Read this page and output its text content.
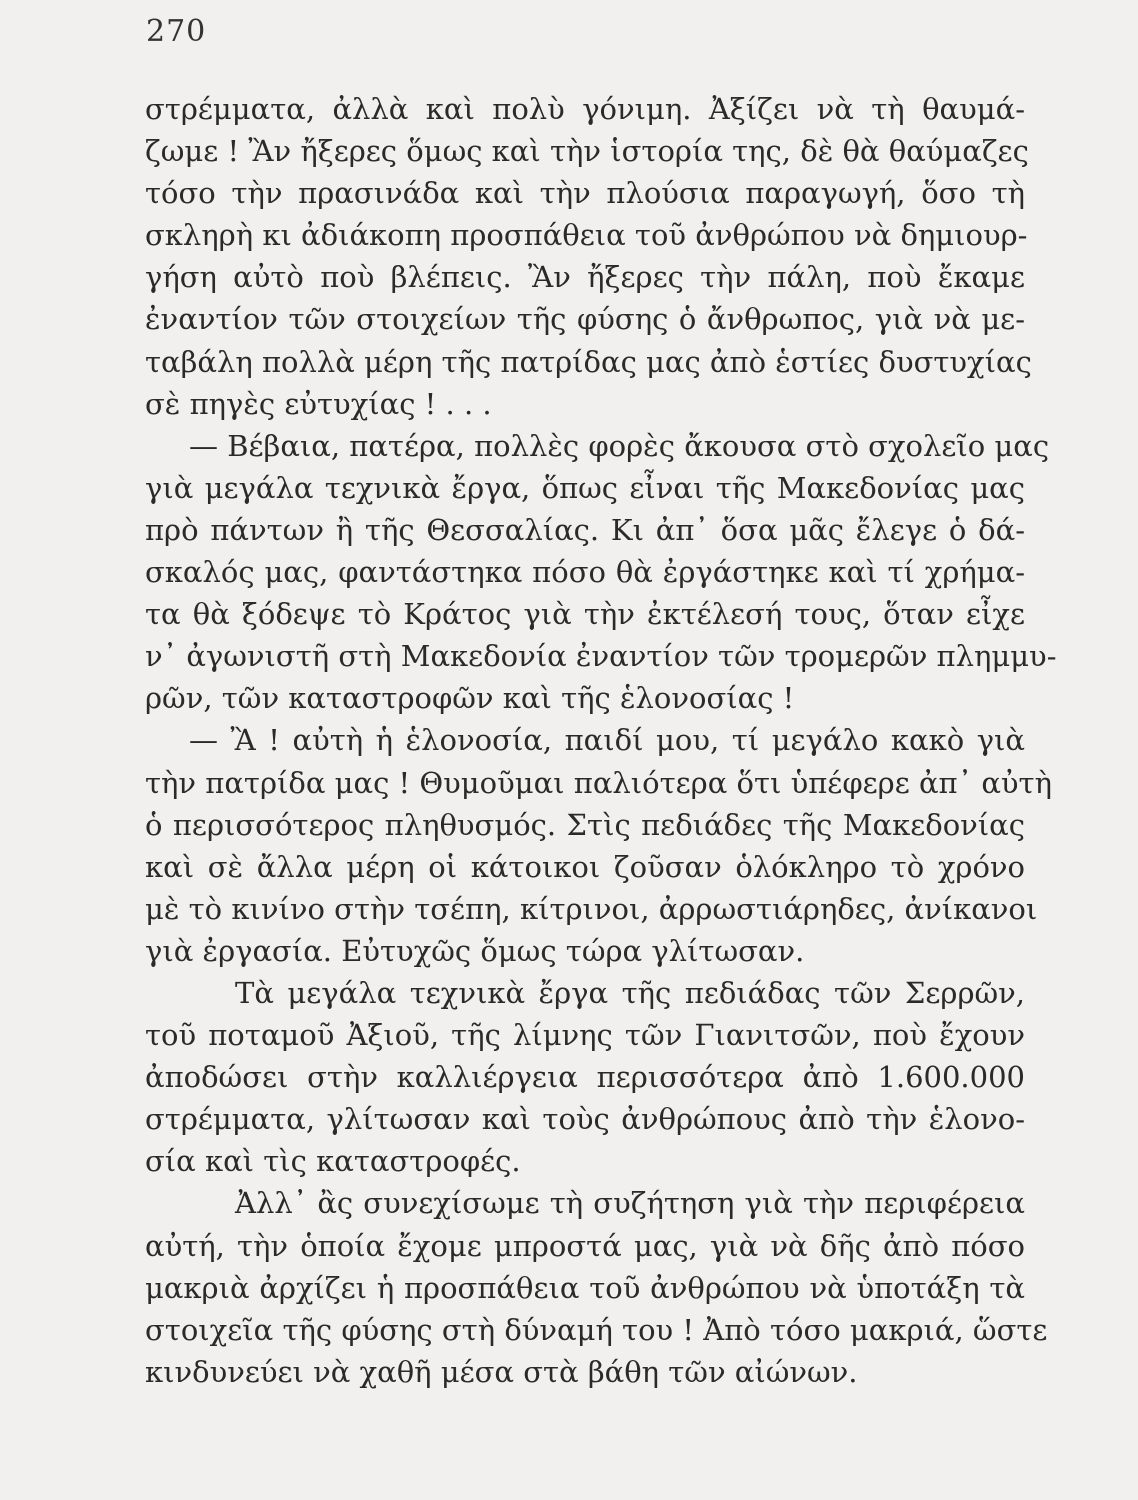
270
στρέμματα, ἀλλὰ καὶ πολὺ γόνιμη. Ἀξίζει νὰ τὴ θαυμά-
ζωμε ! Ἂν ἤξερες ὅμως καὶ τὴν ἱστορία της, δὲ θὰ θαύμαζες
τόσο τὴν πρασινάδα καὶ τὴν πλούσια παραγωγή, ὅσο τὴ
σκληρὴ κι ἀδιάκοπη προσπάθεια τοῦ ἀνθρώπου νὰ δημιουρ-
γήση αὐτὸ ποὺ βλέπεις. Ἂν ἤξερες τὴν πάλη, ποὺ ἔκαμε
ἐναντίον τῶν στοιχείων τῆς φύσης ὁ ἄνθρωπος, γιὰ νὰ με-
ταβάλη πολλὰ μέρη τῆς πατρίδας μας ἀπὸ ἑστίες δυστυχίας
σὲ πηγὲς εὐτυχίας ! . . .
— Βέβαια, πατέρα, πολλὲς φορὲς ἄκουσα στὸ σχολεῖο μας
γιὰ μεγάλα τεχνικὰ ἔργα, ὅπως εἶναι τῆς Μακεδονίας μας
πρὸ πάντων ἢ τῆς Θεσσαλίας. Κι ἀπ᾿ ὅσα μᾶς ἔλεγε ὁ δά-
σκαλός μας, φαντάστηκα πόσο θὰ ἐργάστηκε καὶ τί χρήμα-
τα θὰ ξόδεψε τὸ Κράτος γιὰ τὴν ἐκτέλεσή τους, ὅταν εἶχε
ν᾿ ἀγωνιστῆ στὴ Μακεδονία ἐναντίον τῶν τρομερῶν πλημμυ-
ρῶν, τῶν καταστροφῶν καὶ τῆς ἑλονοσίας !
— Ἂ ! αὐτὴ ἡ ἑλονοσία, παιδί μου, τί μεγάλο κακὸ γιὰ
τὴν πατρίδα μας ! Θυμοῦμαι παλιότερα ὅτι ὑπέφερε ἀπ᾿ αὐτὴ
ὁ περισσότερος πληθυσμός. Στὶς πεδιάδες τῆς Μακεδονίας
καὶ σὲ ἄλλα μέρη οἱ κάτοικοι ζοῦσαν ὁλόκληρο τὸ χρόνο
μὲ τὸ κινίνο στὴν τσέπη, κίτρινοι, ἀρρωστιάρηδες, ἀνίκανοι
γιὰ ἐργασία. Εὐτυχῶς ὅμως τώρα γλίτωσαν.
Τὰ μεγάλα τεχνικὰ ἔργα τῆς πεδιάδας τῶν Σερρῶν,
τοῦ ποταμοῦ Ἀξιοῦ, τῆς λίμνης τῶν Γιανιτσῶν, ποὺ ἔχουν
ἀποδώσει στὴν καλλιέργεια περισσότερα ἀπὸ 1.600.000
στρέμματα, γλίτωσαν καὶ τοὺς ἀνθρώπους ἀπὸ τὴν ἑλονο-
σία καὶ τὶς καταστροφές.
Ἀλλ᾿ ἂς συνεχίσωμε τὴ συζήτηση γιὰ τὴν περιφέρεια
αὐτή, τὴν ὁποία ἔχομε μπροστά μας, γιὰ νὰ δῆς ἀπὸ πόσο
μακριὰ ἀρχίζει ἡ προσπάθεια τοῦ ἀνθρώπου νὰ ὑποτάξη τὰ
στοιχεῖα τῆς φύσης στὴ δύναμή του ! Ἀπὸ τόσο μακριά, ὥστε
κινδυνεύει νὰ χαθῆ μέσα στὰ βάθη τῶν αἰώνων.
